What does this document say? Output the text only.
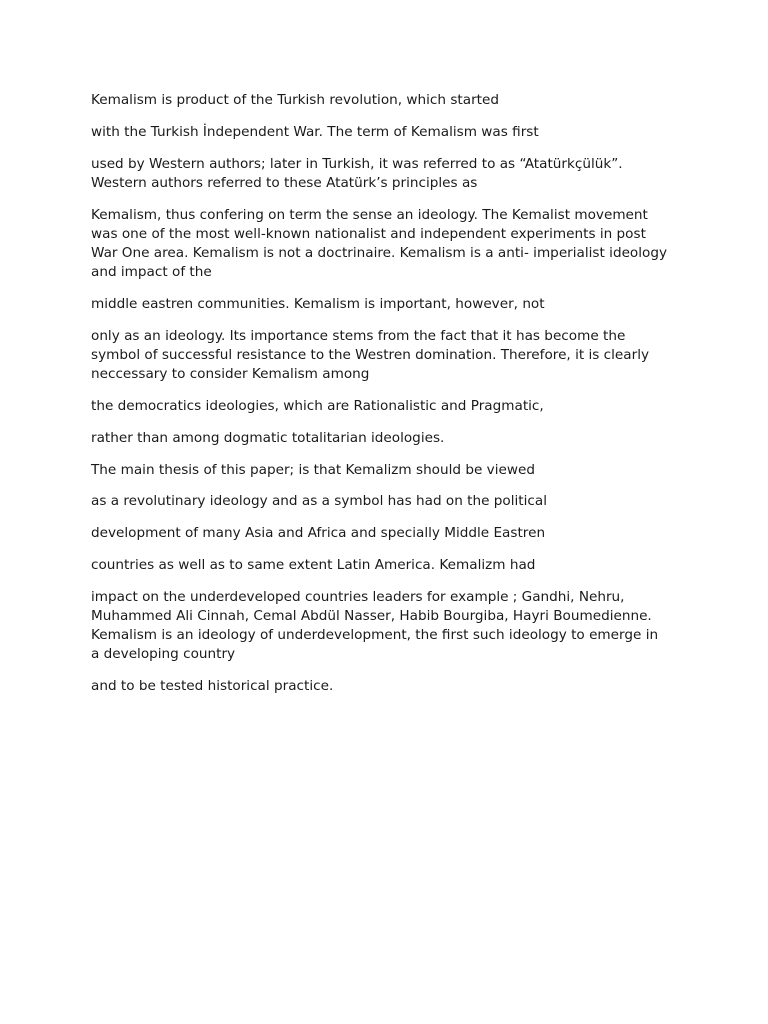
Kemalism is product of the Turkish revolution, which started

with the Turkish İndependent War. The term of Kemalism was first

used by Western authors; later in Turkish, it was referred to as “Atatürkçülük”.
Western authors referred to these Atatürk’s principles as

Kemalism, thus confering on term the sense an ideology. The Kemalist movement
was one of the most well-known nationalist and independent experiments in post
War One area. Kemalism is not a doctrinaire. Kemalism is a anti- imperialist ideology
and impact of the

middle eastren communities. Kemalism is important, however, not

only as an ideology. Its importance stems from the fact that it has become the
symbol of successful resistance to the Westren domination. Therefore, it is clearly
neccessary to consider Kemalism among

the democratics ideologies, which are Rationalistic and Pragmatic,

rather than among dogmatic totalitarian ideologies.

The main thesis of this paper; is that Kemalizm should be viewed

as a revolutinary ideology and as a symbol has had on the political

development of many Asia and Africa and specially Middle Eastren

countries as well as to same extent Latin America. Kemalizm had

impact on the underdeveloped countries leaders for example ; Gandhi, Nehru,
Muhammed Ali Cinnah, Cemal Abdül Nasser, Habib Bourgiba, Hayri Boumedienne.
Kemalism is an ideology of underdevelopment, the first such ideology to emerge in
a developing country

and to be tested historical practice.
